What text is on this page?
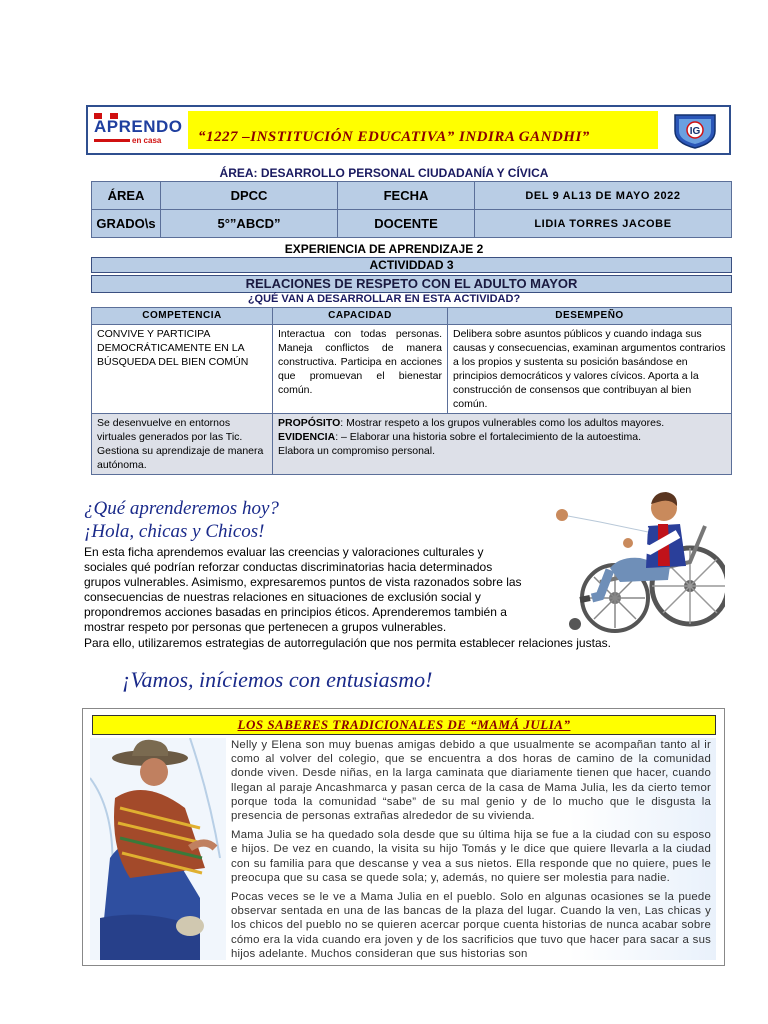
APRENDO
en casa “1227 –INSTITUCIÓN EDUCATIVA” INDIRA GANDHI”	IG
ÁREA: DESARROLLO PERSONAL CIUDADANÍA Y CÍVICA
ÁREA	DPCC	FECHA	DEL 9 AL13 DE MAYO 2022
GRADO\s	5°”ABCD”	DOCENTE	LIDIA TORRES JACOBE
EXPERIENCIA DE APRENDIZAJE 2
ACTIVIDDAD 3
RELACIONES DE RESPETO CON EL ADULTO MAYOR
¿QUÉ VAN A DESARROLLAR EN ESTA ACTIVIDAD?
COMPETENCIA	CAPACIDAD	DESEMPEÑO
CONVIVE Y PARTICIPA DEMOCRÁTICAMENTE EN LA BÚSQUEDA DEL BIEN COMÚN	Interactua con todas personas. Maneja conflictos de manera constructiva. Participa en acciones que promuevan el bienestar común.	Delibera sobre asuntos públicos y cuando indaga sus causas y consecuencias, examinan argumentos contrarios a los propios y sustenta su posición basándose en principios democráticos y valores cívicos. Aporta a la construcción de consensos que contribuyan al bien común.
Se desenvuelve en entornos virtuales generados por las Tic. Gestiona su aprendizaje de manera autónoma.	PROPÓSITO: Mostrar respeto a los grupos vulnerables como los adultos mayores.
EVIDENCIA: – Elaborar una historia sobre el fortalecimiento de la autoestima.
Elabora un compromiso personal.	
¿Qué aprenderemos hoy?
¡Hola, chicas y Chicos!
En esta ficha aprendemos evaluar las creencias y valoraciones culturales y sociales qué podrían reforzar conductas discriminatorias hacia determinados grupos vulnerables. Asimismo, expresaremos puntos de vista razonados sobre las consecuencias de nuestras relaciones en situaciones de exclusión social y propondremos acciones basadas en principios éticos. Aprenderemos también a mostrar respeto por personas que pertenecen a grupos vulnerables.
Para ello, utilizaremos estrategias de autorregulación que nos permita establecer relaciones justas.
¡Vamos, iníciemos con entusiasmo!
LOS SABERES TRADICIONALES DE “MAMÁ JULIA”

Nelly y Elena son muy buenas amigas debido a que usualmente se acompañan tanto al ir como al volver del colegio, que se encuentra a dos horas de camino de la comunidad donde viven. Desde niñas, en la larga caminata que diariamente tienen que hacer, cuando llegan al paraje Ancashmarca y pasan cerca de la casa de Mama Julia, les da cierto temor porque toda la comunidad “sabe” de su mal genio y de lo mucho que le disgusta la presencia de personas extrañas alrededor de su vivienda.

Mama Julia se ha quedado sola desde que su última hija se fue a la ciudad con su esposo e hijos. De vez en cuando, la visita su hijo Tomás y le dice que quiere llevarla a la ciudad con su familia para que descanse y vea a sus nietos. Ella responde que no quiere, pues le preocupa que su casa se quede sola; y, además, no quiere ser molestia para nadie.

Pocas veces se le ve a Mama Julia en el pueblo. Solo en algunas ocasiones se la puede observar sentada en una de las bancas de la plaza del lugar. Cuando la ven, Las chicas y los chicos del pueblo no se quieren acercar porque cuenta historias de nunca acabar sobre cómo era la vida cuando era joven y de los sacrificios que tuvo que hacer para sacar a sus hijos adelante. Muchos consideran que sus historias son
